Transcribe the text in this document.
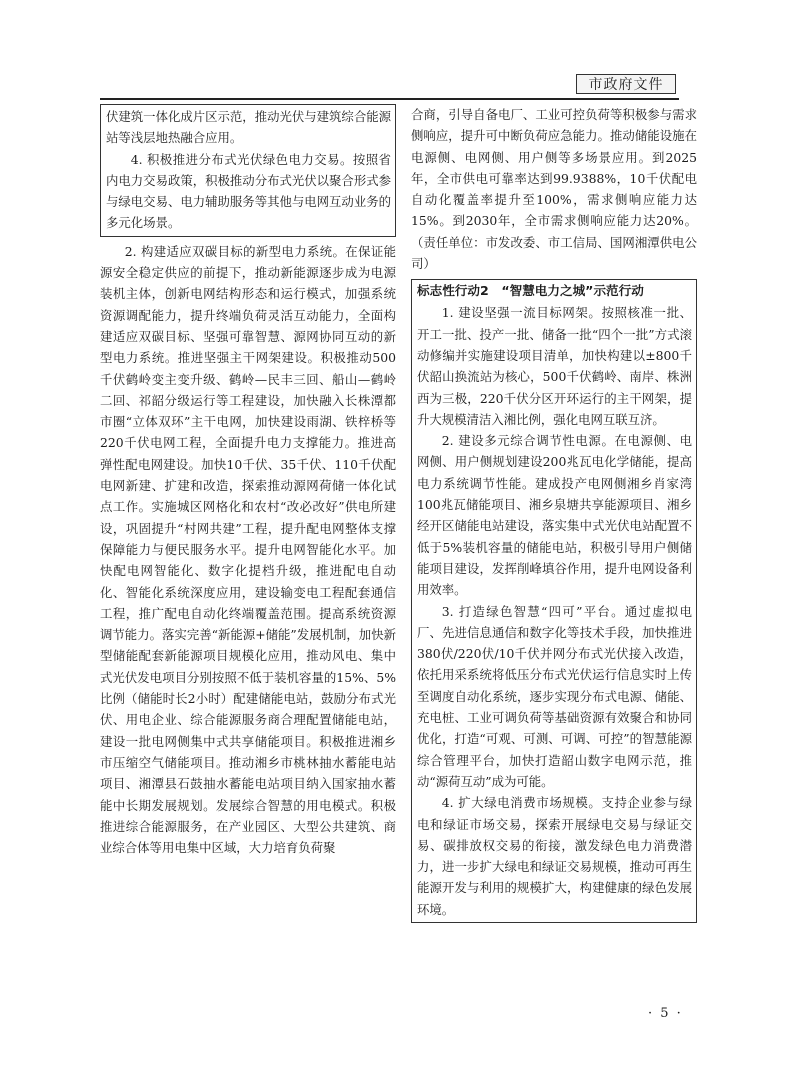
市政府文件

伏建筑一体化成片区示范，推动光伏与建筑综合能源站等浅层地热融合应用。

4. 积极推进分布式光伏绿色电力交易。按照省内电力交易政策，积极推动分布式光伏以聚合形式参与绿电交易、电力辅助服务等其他与电网互动业务的多元化场景。

2. 构建适应双碳目标的新型电力系统。在保证能源安全稳定供应的前提下，推动新能源逐步成为电源装机主体，创新电网结构形态和运行模式，加强系统资源调配能力，提升终端负荷灵活互动能力，全面构建适应双碳目标、坚强可靠智慧、源网协同互动的新型电力系统。推进坚强主干网架建设。积极推动500千伏鹤岭变主变升级、鹤岭—民丰三回、船山—鹤岭二回、祁韶分级运行等工程建设，加快融入长株潭都市圈“立体双环”主干电网，加快建设雨湖、铁梓桥等220千伏电网工程，全面提升电力支撑能力。推进高弹性配电网建设。加快10千伏、35千伏、110千伏配电网新建、扩建和改造，探索推动源网荷储一体化试点工作。实施城区网格化和农村“改必改好”供电所建设，巩固提升“村网共建”工程，提升配电网整体支撑保障能力与便民服务水平。提升电网智能化水平。加快配电网智能化、数字化提档升级，推进配电自动化、智能化系统深度应用，建设输变电工程配套通信工程，推广配电自动化终端覆盖范围。提高系统资源调节能力。落实完善“新能源+储能”发展机制，加快新型储能配套新能源项目规模化应用，推动风电、集中式光伏发电项目分别按照不低于装机容量的15%、5%比例（储能时长2小时）配建储能电站，鼓励分布式光伏、用电企业、综合能源服务商合理配置储能电站，建设一批电网侧集中式共享储能项目。积极推进湘乡市压缩空气储能项目。推动湘乡市桃林抽水蓄能电站项目、湘潭县石鼓抽水蓄能电站项目纳入国家抽水蓄能中长期发展规划。发展综合智慧的用电模式。积极推进综合能源服务，在产业园区、大型公共建筑、商业综合体等用电集中区域，大力培育负荷聚

合商，引导自备电厂、工业可控负荷等积极参与需求侧响应，提升可中断负荷应急能力。推动储能设施在电源侧、电网侧、用户侧等多场景应用。到2025年，全市供电可靠率达到99.9388%，10千伏配电自动化覆盖率提升至100%，需求侧响应能力达15%。到2030年，全市需求侧响应能力达20%。（责任单位：市发改委、市工信局、国网湘潭供电公司）

标志性行动2　“智慧电力之城”示范行动

1. 建设坚强一流目标网架。按照核准一批、开工一批、投产一批、储备一批“四个一批”方式滚动修编并实施建设项目清单，加快构建以±800千伏韶山换流站为核心，500千伏鹤岭、南岸、株洲西为三极，220千伏分区开环运行的主干网架，提升大规模清洁入湘比例，强化电网互联互济。

2. 建设多元综合调节性电源。在电源侧、电网侧、用户侧规划建设200兆瓦电化学储能，提高电力系统调节性能。建成投产电网侧湘乡肖家湾100兆瓦储能项目、湘乡泉塘共享能源项目、湘乡经开区储能电站建设，落实集中式光伏电站配置不低于5%装机容量的储能电站，积极引导用户侧储能项目建设，发挥削峰填谷作用，提升电网设备利用效率。

3. 打造绿色智慧“四可”平台。通过虚拟电厂、先进信息通信和数字化等技术手段，加快推进380伏/220伏/10千伏并网分布式光伏接入改造，依托用采系统将低压分布式光伏运行信息实时上传至调度自动化系统，逐步实现分布式电源、储能、充电桩、工业可调负荷等基础资源有效聚合和协同优化，打造“可观、可测、可调、可控”的智慧能源综合管理平台，加快打造韶山数字电网示范，推动“源荷互动”成为可能。

4. 扩大绿电消费市场规模。支持企业参与绿电和绿证市场交易，探索开展绿电交易与绿证交易、碳排放权交易的衔接，激发绿色电力消费潜力，进一步扩大绿电和绿证交易规模，推动可再生能源开发与利用的规模扩大，构建健康的绿色发展环境。

· 5 ·
